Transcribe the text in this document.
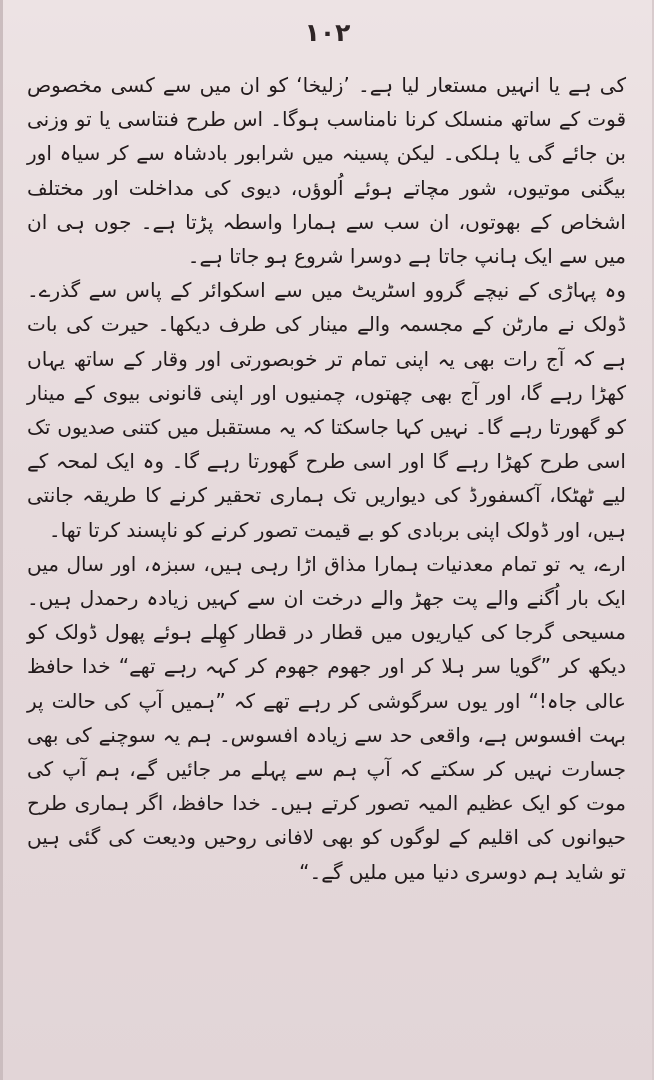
۱۰۲

کی ہے یا انہیں مستعار لیا ہے۔ ’زلیخا‘ کو ان میں سے کسی مخصوص قوت کے ساتھ منسلک کرنا نامناسب ہوگا۔ اس طرح فنتاسی یا تو وزنی بن جائے گی یا ہلکی۔ لیکن پسینہ میں شرابور بادشاہ سے کر سیاہ اور بیگنی موتیوں، شور مچاتے ہوئے اُلوؤں، دیوی کی مداخلت اور مختلف اشخاص کے بھوتوں، ان سب سے ہمارا واسطہ پڑتا ہے۔ جوں ہی ان میں سے ایک ہانپ جاتا ہے دوسرا شروع ہو جاتا ہے۔

وہ پہاڑی کے نیچے گروو اسٹریٹ میں سے اسکوائر کے پاس سے گذرے۔ ڈولک نے مارٹن کے مجسمہ والے مینار کی طرف دیکھا۔ حیرت کی بات ہے کہ آج رات بھی یہ اپنی تمام تر خوبصورتی اور وقار کے ساتھ یہاں کھڑا رہے گا، اور آج بھی چھتوں، چمنیوں اور اپنی قانونی بیوی کے مینار کو گھورتا رہے گا۔ نہیں کہا جاسکتا کہ یہ مستقبل میں کتنی صدیوں تک اسی طرح کھڑا رہے گا اور اسی طرح گھورتا رہے گا۔ وہ ایک لمحہ کے لیے ٹھٹکا، آکسفورڈ کی دیواریں تک ہماری تحقیر کرنے کا طریقہ جانتی ہیں، اور ڈولک اپنی بربادی کو بے قیمت تصور کرنے کو ناپسند کرتا تھا۔

ارے، یہ تو تمام معدنیات ہمارا مذاق اڑا رہی ہیں، سبزہ، اور سال میں ایک بار اُگنے والے پت جھڑ والے درخت ان سے کہیں زیادہ رحمدل ہیں۔ مسیحی گرجا کی کیاریوں میں قطار در قطار کھِلے ہوئے پھول ڈولک کو دیکھ کر ”گویا سر ہلا کر اور جھوم جھوم کر کہہ رہے تھے“ خدا حافظ عالی جاہ!“ اور یوں سرگوشی کر رہے تھے کہ ”ہمیں آپ کی حالت پر بہت افسوس ہے، واقعی حد سے زیادہ افسوس۔ ہم یہ سوچنے کی بھی جسارت نہیں کر سکتے کہ آپ ہم سے پہلے مر جائیں گے، ہم آپ کی موت کو ایک عظیم المیہ تصور کرتے ہیں۔ خدا حافظ، اگر ہماری طرح حیوانوں کی اقلیم کے لوگوں کو بھی لافانی روحیں ودیعت کی گئی ہیں تو شاید ہم دوسری دنیا میں ملیں گے۔“
